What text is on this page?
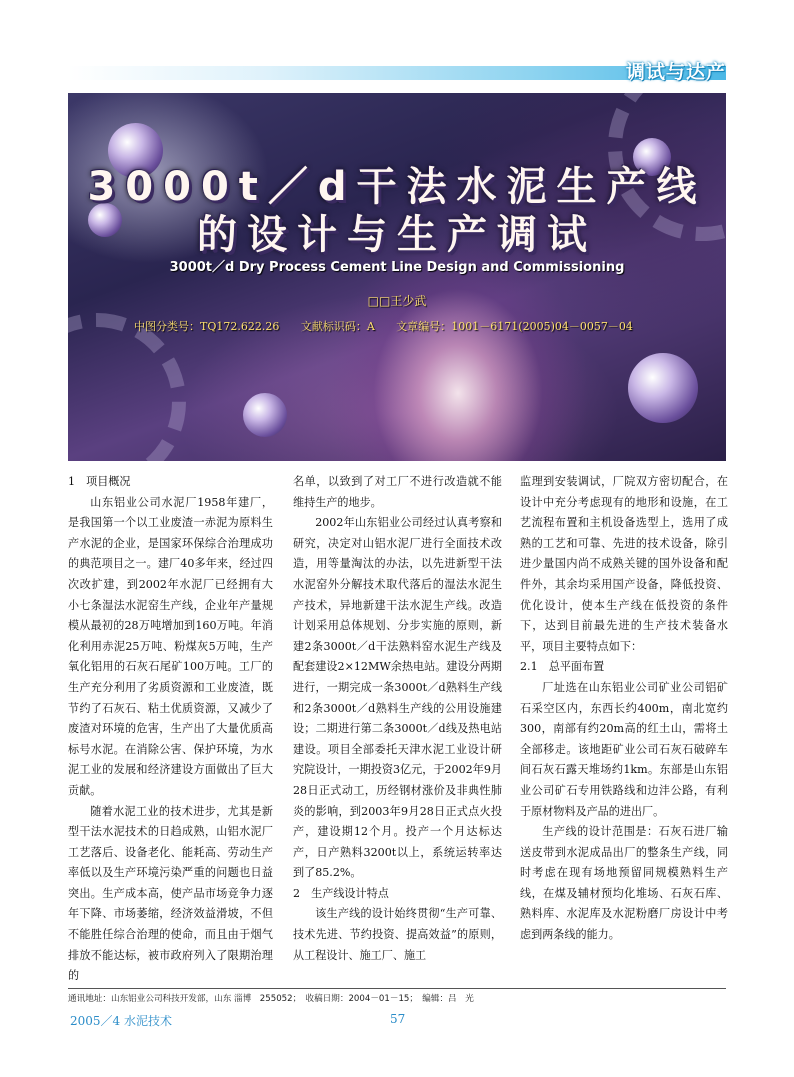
调试与达产
3000t／d干法水泥生产线
的设计与生产调试
3000t／d Dry Process Cement Line Design and Commissioning
□□王少武
中图分类号：TQ172.622.26 文献标识码：A 文章编号：1001－6171(2005)04－0057－04
1　项目概况

山东铝业公司水泥厂1958年建厂，是我国第一个以工业废渣一赤泥为原料生产水泥的企业，是国家环保综合治理成功的典范项目之一。建厂40多年来，经过四次改扩建，到2002年水泥厂已经拥有大小七条湿法水泥窑生产线，企业年产量规模从最初的28万吨增加到160万吨。年消化利用赤泥25万吨、粉煤灰5万吨，生产氧化铝用的石灰石尾矿100万吨。工厂的生产充分利用了劣质资源和工业废渣，既节约了石灰石、粘土优质资源，又减少了废渣对环境的危害，生产出了大量优质高标号水泥。在消除公害、保护环境，为水泥工业的发展和经济建设方面做出了巨大贡献。

随着水泥工业的技术进步，尤其是新型干法水泥技术的日趋成熟，山铝水泥厂工艺落后、设备老化、能耗高、劳动生产率低以及生产环境污染严重的问题也日益突出。生产成本高，使产品市场竞争力逐年下降、市场萎缩，经济效益滑坡，不但不能胜任综合治理的使命，而且由于烟气排放不能达标，被市政府列入了限期治理的

名单，以致到了对工厂不进行改造就不能维持生产的地步。

2002年山东铝业公司经过认真考察和研究，决定对山铝水泥厂进行全面技术改造，用等量淘汰的办法，以先进新型干法水泥窑外分解技术取代落后的湿法水泥生产技术，异地新建干法水泥生产线。改造计划采用总体规划、分步实施的原则，新建2条3000t／d干法熟料窑水泥生产线及配套建设2×12MW余热电站。建设分两期进行，一期完成一条3000t／d熟料生产线和2条3000t／d熟料生产线的公用设施建设；二期进行第二条3000t／d线及热电站建设。项目全部委托天津水泥工业设计研究院设计，一期投资3亿元，于2002年9月28日正式动工，历经钢材涨价及非典性肺炎的影响，到2003年9月28日正式点火投产，建设期12个月。投产一个月达标达产，日产熟料3200t以上，系统运转率达到了85.2%。

2　生产线设计特点

该生产线的设计始终贯彻“生产可靠、技术先进、节约投资、提高效益”的原则，从工程设计、施工厂、施工

监理到安装调试，厂院双方密切配合，在设计中充分考虑现有的地形和设施，在工艺流程布置和主机设备选型上，选用了成熟的工艺和可靠、先进的技术设备，除引进少量国内尚不成熟关键的国外设备和配件外，其余均采用国产设备，降低投资、优化设计，使本生产线在低投资的条件下，达到目前最先进的生产技术装备水平，项目主要特点如下：

2.1　总平面布置

厂址选在山东铝业公司矿业公司铝矿石采空区内，东西长约400m，南北宽约300，南部有约20m高的红土山，需将土全部移走。该地距矿业公司石灰石破碎车间石灰石露天堆场约1km。东部是山东铝业公司矿石专用铁路线和边沣公路，有利于原材物料及产品的进出厂。

生产线的设计范围是：石灰石进厂输送皮带到水泥成品出厂的整条生产线，同时考虑在现有场地预留同规模熟料生产线，在煤及辅材预均化堆场、石灰石库、熟料库、水泥库及水泥粉磨厂房设计中考虑到两条线的能力。

通讯地址：山东铝业公司科技开发部，山东 淄博　255052；　收稿日期：2004－01－15；　编辑：吕　光
2005／4 水泥技术	57
